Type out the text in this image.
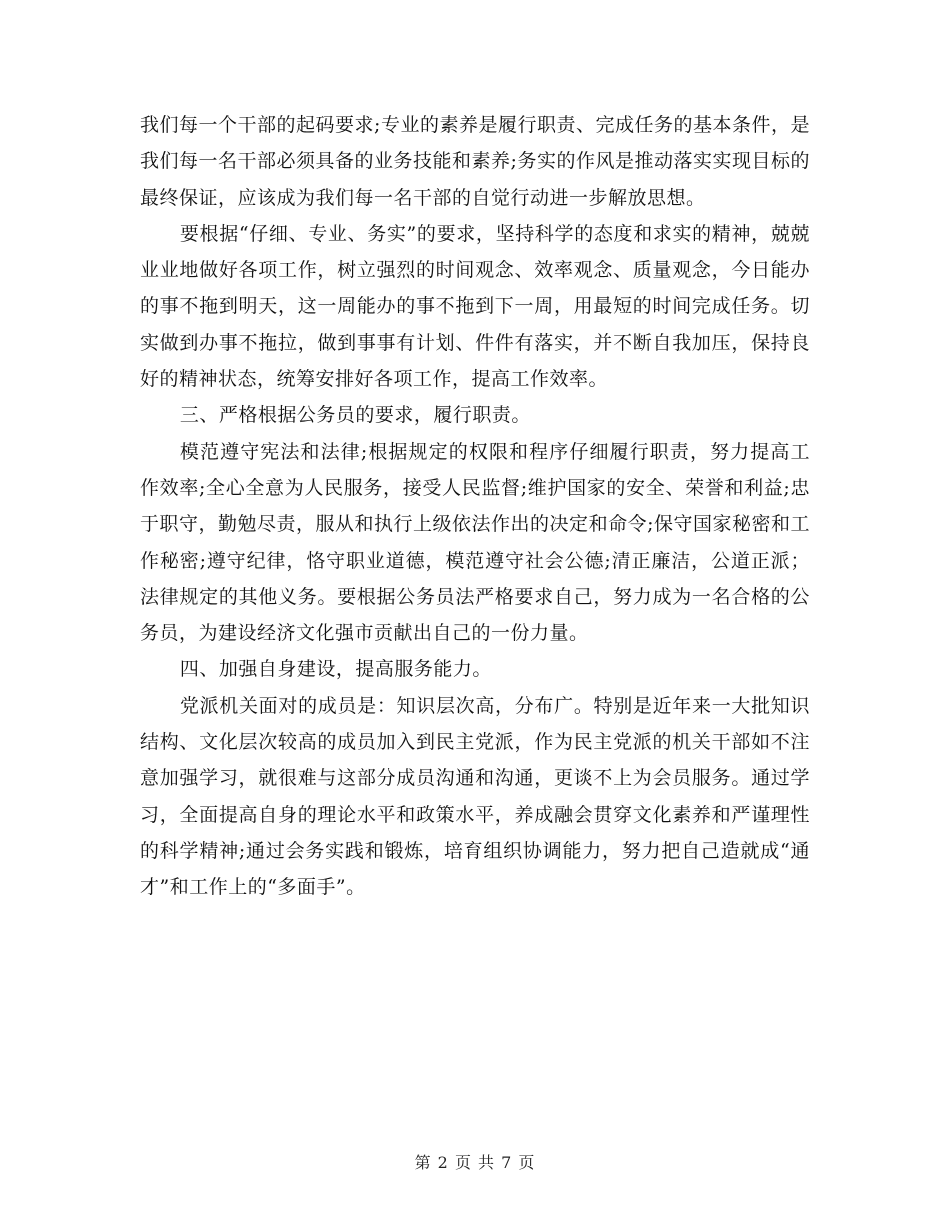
我们每一个干部的起码要求;专业的素养是履行职责、完成任务的基本条件，是我们每一名干部必须具备的业务技能和素养;务实的作风是推动落实实现目标的最终保证，应该成为我们每一名干部的自觉行动进一步解放思想。

要根据“仔细、专业、务实”的要求，坚持科学的态度和求实的精神，兢兢业业地做好各项工作，树立强烈的时间观念、效率观念、质量观念，今日能办的事不拖到明天，这一周能办的事不拖到下一周，用最短的时间完成任务。切实做到办事不拖拉，做到事事有计划、件件有落实，并不断自我加压，保持良好的精神状态，统筹安排好各项工作，提高工作效率。

三、严格根据公务员的要求，履行职责。

模范遵守宪法和法律;根据规定的权限和程序仔细履行职责，努力提高工作效率;全心全意为人民服务，接受人民监督;维护国家的安全、荣誉和利益;忠于职守，勤勉尽责，服从和执行上级依法作出的决定和命令;保守国家秘密和工作秘密;遵守纪律，恪守职业道德，模范遵守社会公德;清正廉洁，公道正派；法律规定的其他义务。要根据公务员法严格要求自己，努力成为一名合格的公务员，为建设经济文化强市贡献出自己的一份力量。

四、加强自身建设，提高服务能力。

党派机关面对的成员是：知识层次高，分布广。特别是近年来一大批知识结构、文化层次较高的成员加入到民主党派，作为民主党派的机关干部如不注意加强学习，就很难与这部分成员沟通和沟通，更谈不上为会员服务。通过学习，全面提高自身的理论水平和政策水平，养成融会贯穿文化素养和严谨理性的科学精神;通过会务实践和锻炼，培育组织协调能力，努力把自己造就成“通才”和工作上的“多面手”。

第 2 页 共 7 页
